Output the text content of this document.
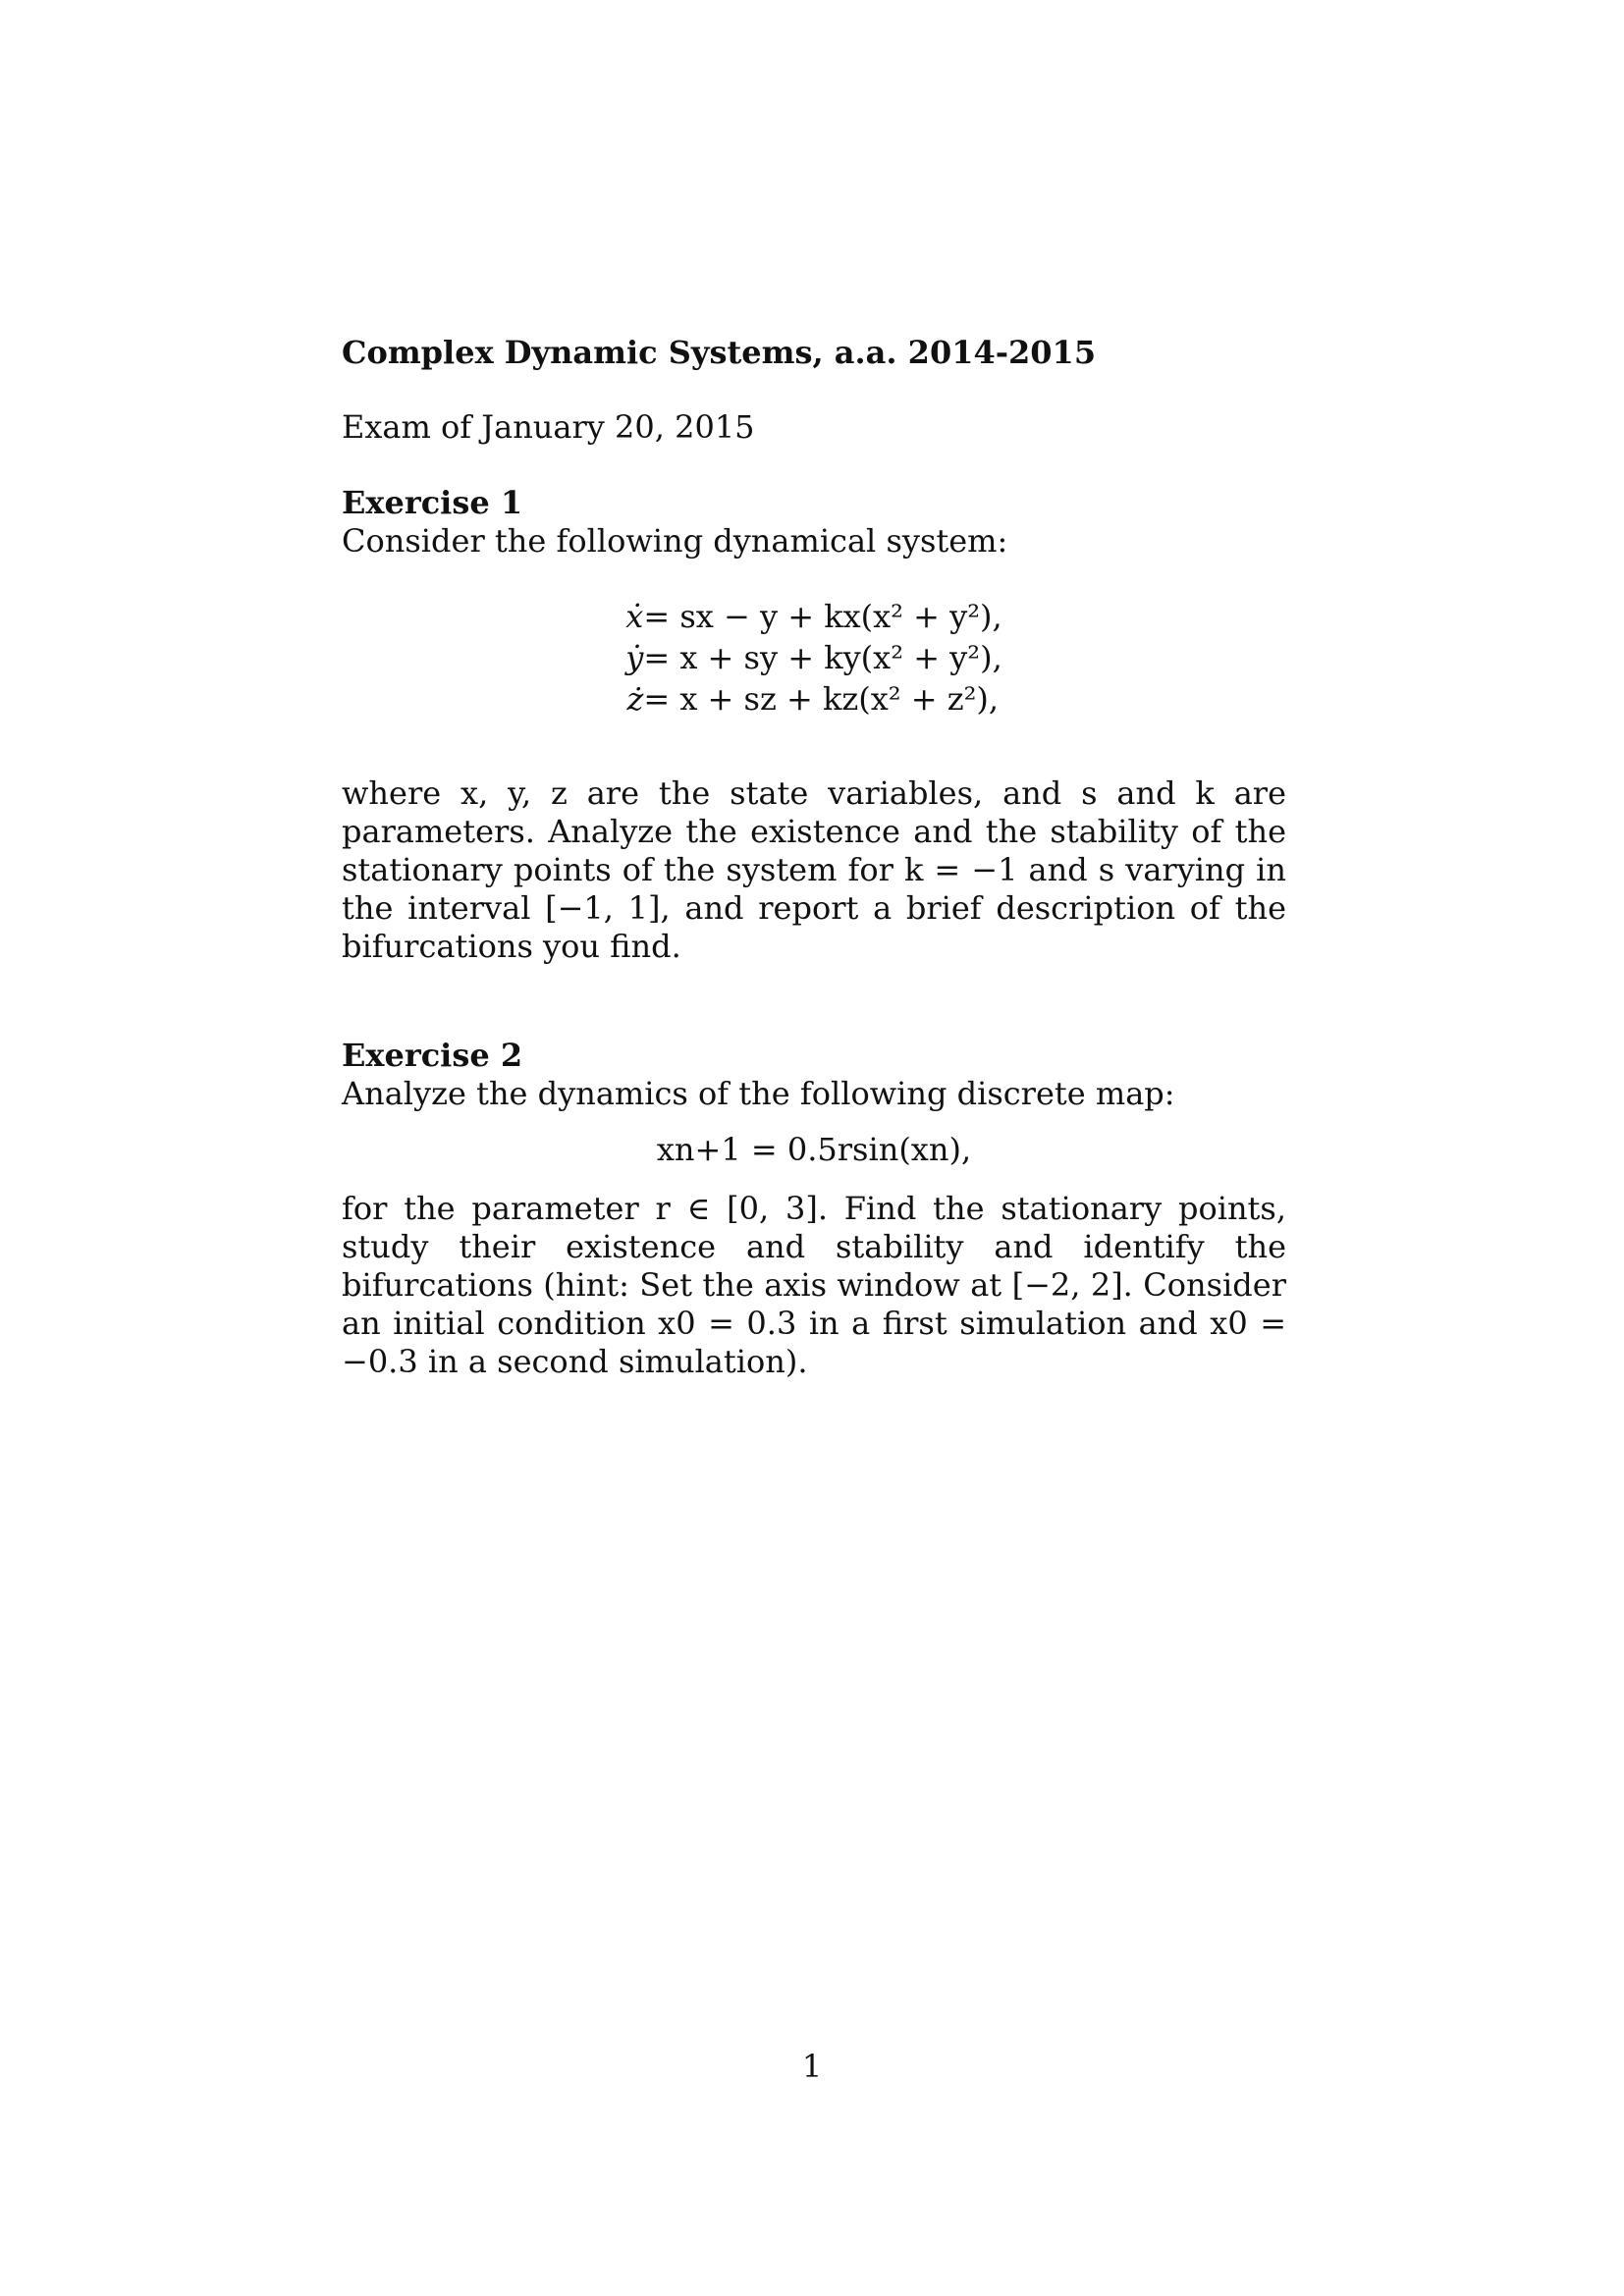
Complex Dynamic Systems, a.a. 2014-2015

Exam of January 20, 2015

Exercise 1

Consider the following dynamical system:

ẋ = sx − y + kx(x² + y²),
ẏ = x + sy + ky(x² + y²),
ż = x + sz + kz(x² + z²),

where x, y, z are the state variables, and s and k are parameters. Analyze the existence and the stability of the stationary points of the system for k = −1 and s varying in the interval [−1, 1], and report a brief description of the bifurcations you find.

Exercise 2

Analyze the dynamics of the following discrete map:

xn+1 = 0.5rsin(xn),

for the parameter r ∈ [0, 3]. Find the stationary points, study their existence and stability and identify the bifurcations (hint: Set the axis window at [−2, 2]. Consider an initial condition x0 = 0.3 in a first simulation and x0 = −0.3 in a second simulation).

1
